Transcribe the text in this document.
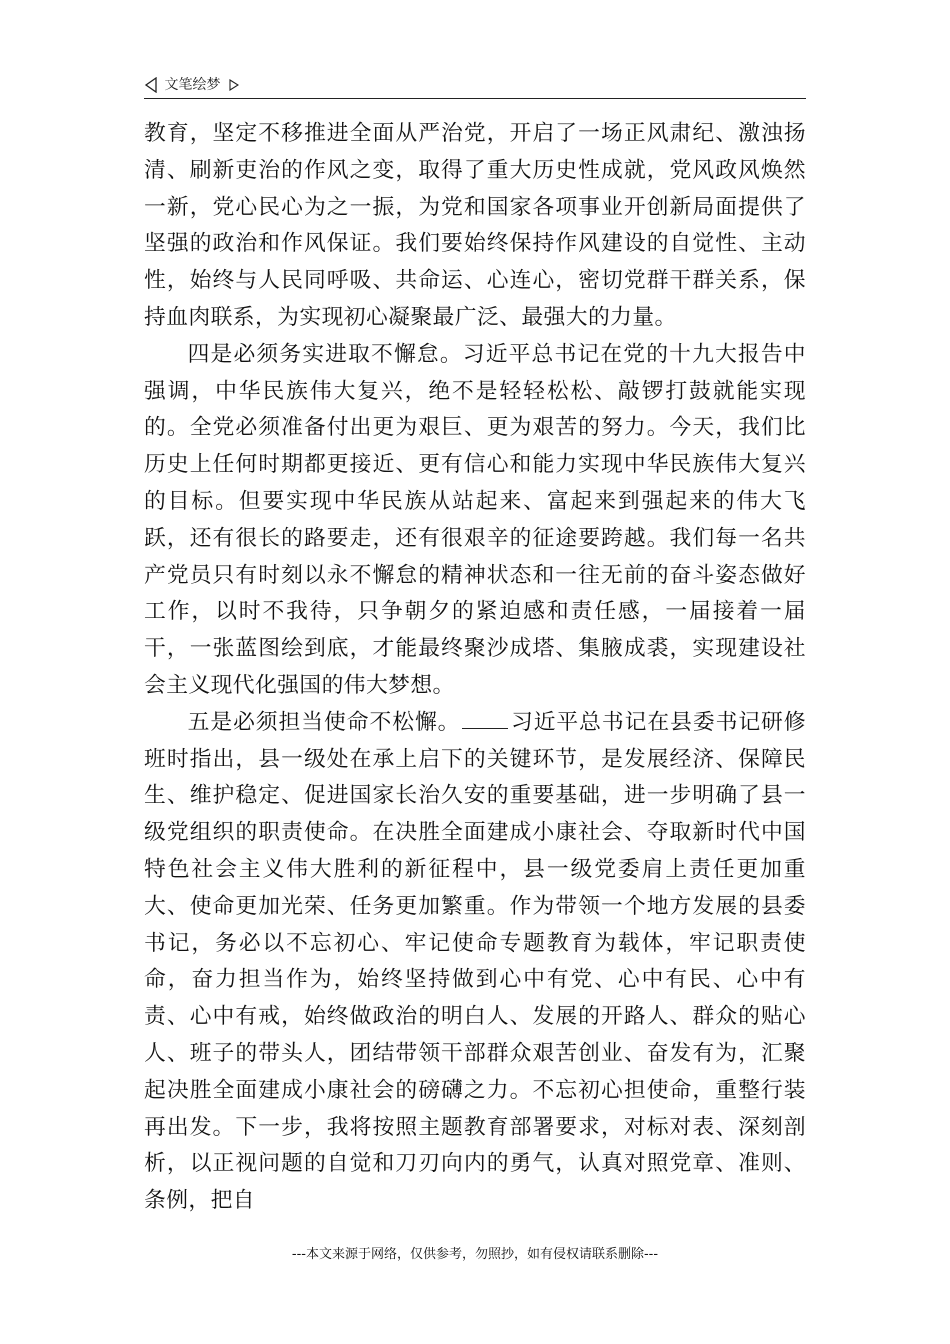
文笔绘梦

教育，坚定不移推进全面从严治党，开启了一场正风肃纪、激浊扬清、刷新吏治的作风之变，取得了重大历史性成就，党风政风焕然一新，党心民心为之一振，为党和国家各项事业开创新局面提供了坚强的政治和作风保证。我们要始终保持作风建设的自觉性、主动性，始终与人民同呼吸、共命运、心连心，密切党群干群关系，保持血肉联系，为实现初心凝聚最广泛、最强大的力量。

四是必须务实进取不懈怠。习近平总书记在党的十九大报告中强调，中华民族伟大复兴，绝不是轻轻松松、敲锣打鼓就能实现的。全党必须准备付出更为艰巨、更为艰苦的努力。今天，我们比历史上任何时期都更接近、更有信心和能力实现中华民族伟大复兴的目标。但要实现中华民族从站起来、富起来到强起来的伟大飞跃，还有很长的路要走，还有很艰辛的征途要跨越。我们每一名共产党员只有时刻以永不懈怠的精神状态和一往无前的奋斗姿态做好工作，以时不我待，只争朝夕的紧迫感和责任感，一届接着一届干，一张蓝图绘到底，才能最终聚沙成塔、集腋成裘，实现建设社会主义现代化强国的伟大梦想。

五是必须担当使命不松懈。 习近平总书记在县委书记研修班时指出，县一级处在承上启下的关键环节，是发展经济、保障民生、维护稳定、促进国家长治久安的重要基础，进一步明确了县一级党组织的职责使命。在决胜全面建成小康社会、夺取新时代中国特色社会主义伟大胜利的新征程中，县一级党委肩上责任更加重大、使命更加光荣、任务更加繁重。作为带领一个地方发展的县委书记，务必以不忘初心、牢记使命专题教育为载体，牢记职责使命，奋力担当作为，始终坚持做到心中有党、心中有民、心中有责、心中有戒，始终做政治的明白人、发展的开路人、群众的贴心人、班子的带头人，团结带领干部群众艰苦创业、奋发有为，汇聚起决胜全面建成小康社会的磅礴之力。不忘初心担使命，重整行装再出发。下一步，我将按照主题教育部署要求，对标对表、深刻剖析，以正视问题的自觉和刀刃向内的勇气，认真对照党章、准则、条例，把自

---本文来源于网络，仅供参考，勿照抄，如有侵权请联系删除---
